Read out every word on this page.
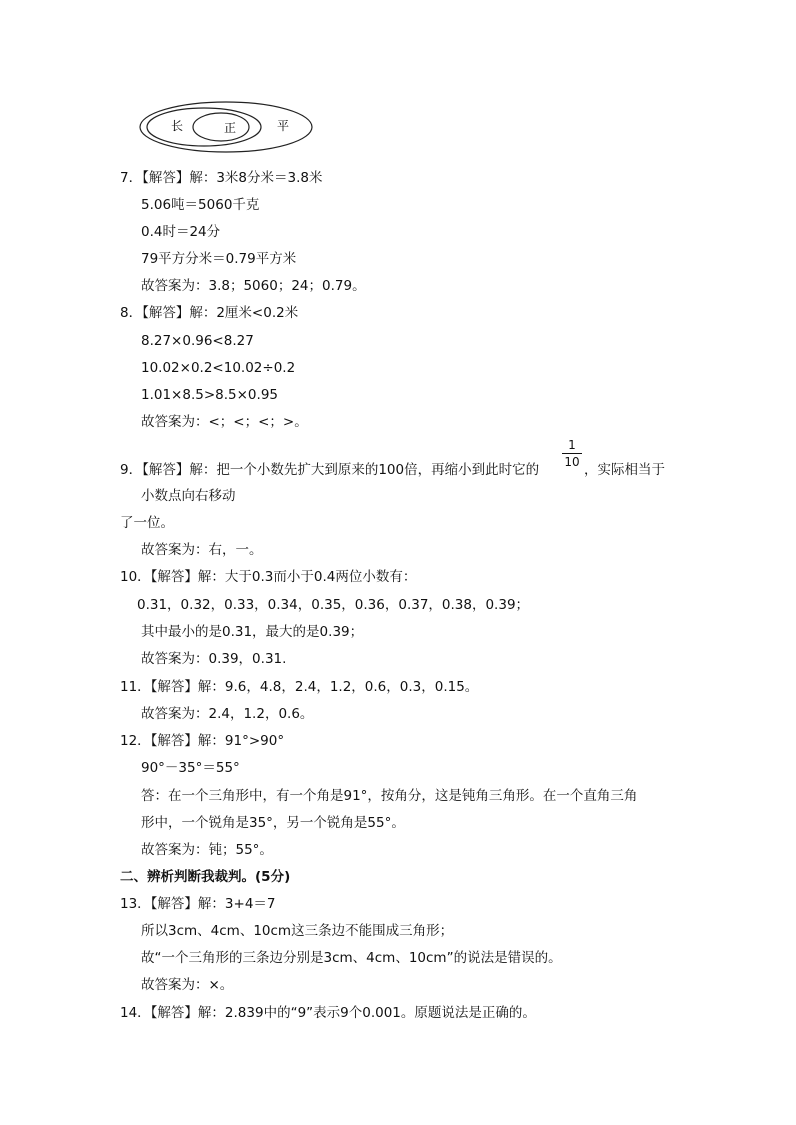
长	正	平
7．【解答】解：3米8分米＝3.8米
5.06吨＝5060千克
0.4时＝24分
79平方分米＝0.79平方米
故答案为：3.8；5060；24；0.79。
8．【解答】解：2厘米<0.2米
8.27×0.96<8.27
10.02×0.2<10.02÷0.2
1.01×8.5>8.5×0.95
故答案为：<；<；<；>。
9．【解答】解：把一个小数先扩大到原来的100倍，再缩小到此时它的
1
10 ，实际相当于
小数点向右移动
了一位。
故答案为：右，一。
10．【解答】解：大于0.3而小于0.4两位小数有：
0.31，0.32，0.33，0.34，0.35，0.36，0.37，0.38，0.39；
其中最小的是0.31，最大的是0.39；
故答案为：0.39，0.31.
11．【解答】解：9.6，4.8，2.4，1.2，0.6，0.3，0.15。
故答案为：2.4，1.2，0.6。
12．【解答】解：91°>90°
90°－35°＝55°
答：在一个三角形中，有一个角是91°，按角分，这是钝角三角形。在一个直角三角
形中，一个锐角是35°，另一个锐角是55°。
故答案为：钝；55°。
二、辨析判断我裁判。(5分)
13．【解答】解：3+4＝7
所以3cm、4cm、10cm这三条边不能围成三角形；
故“一个三角形的三条边分别是3cm、4cm、10cm”的说法是错误的。
故答案为：×。
14．【解答】解：2.839中的“9”表示9个0.001。原题说法是正确的。
